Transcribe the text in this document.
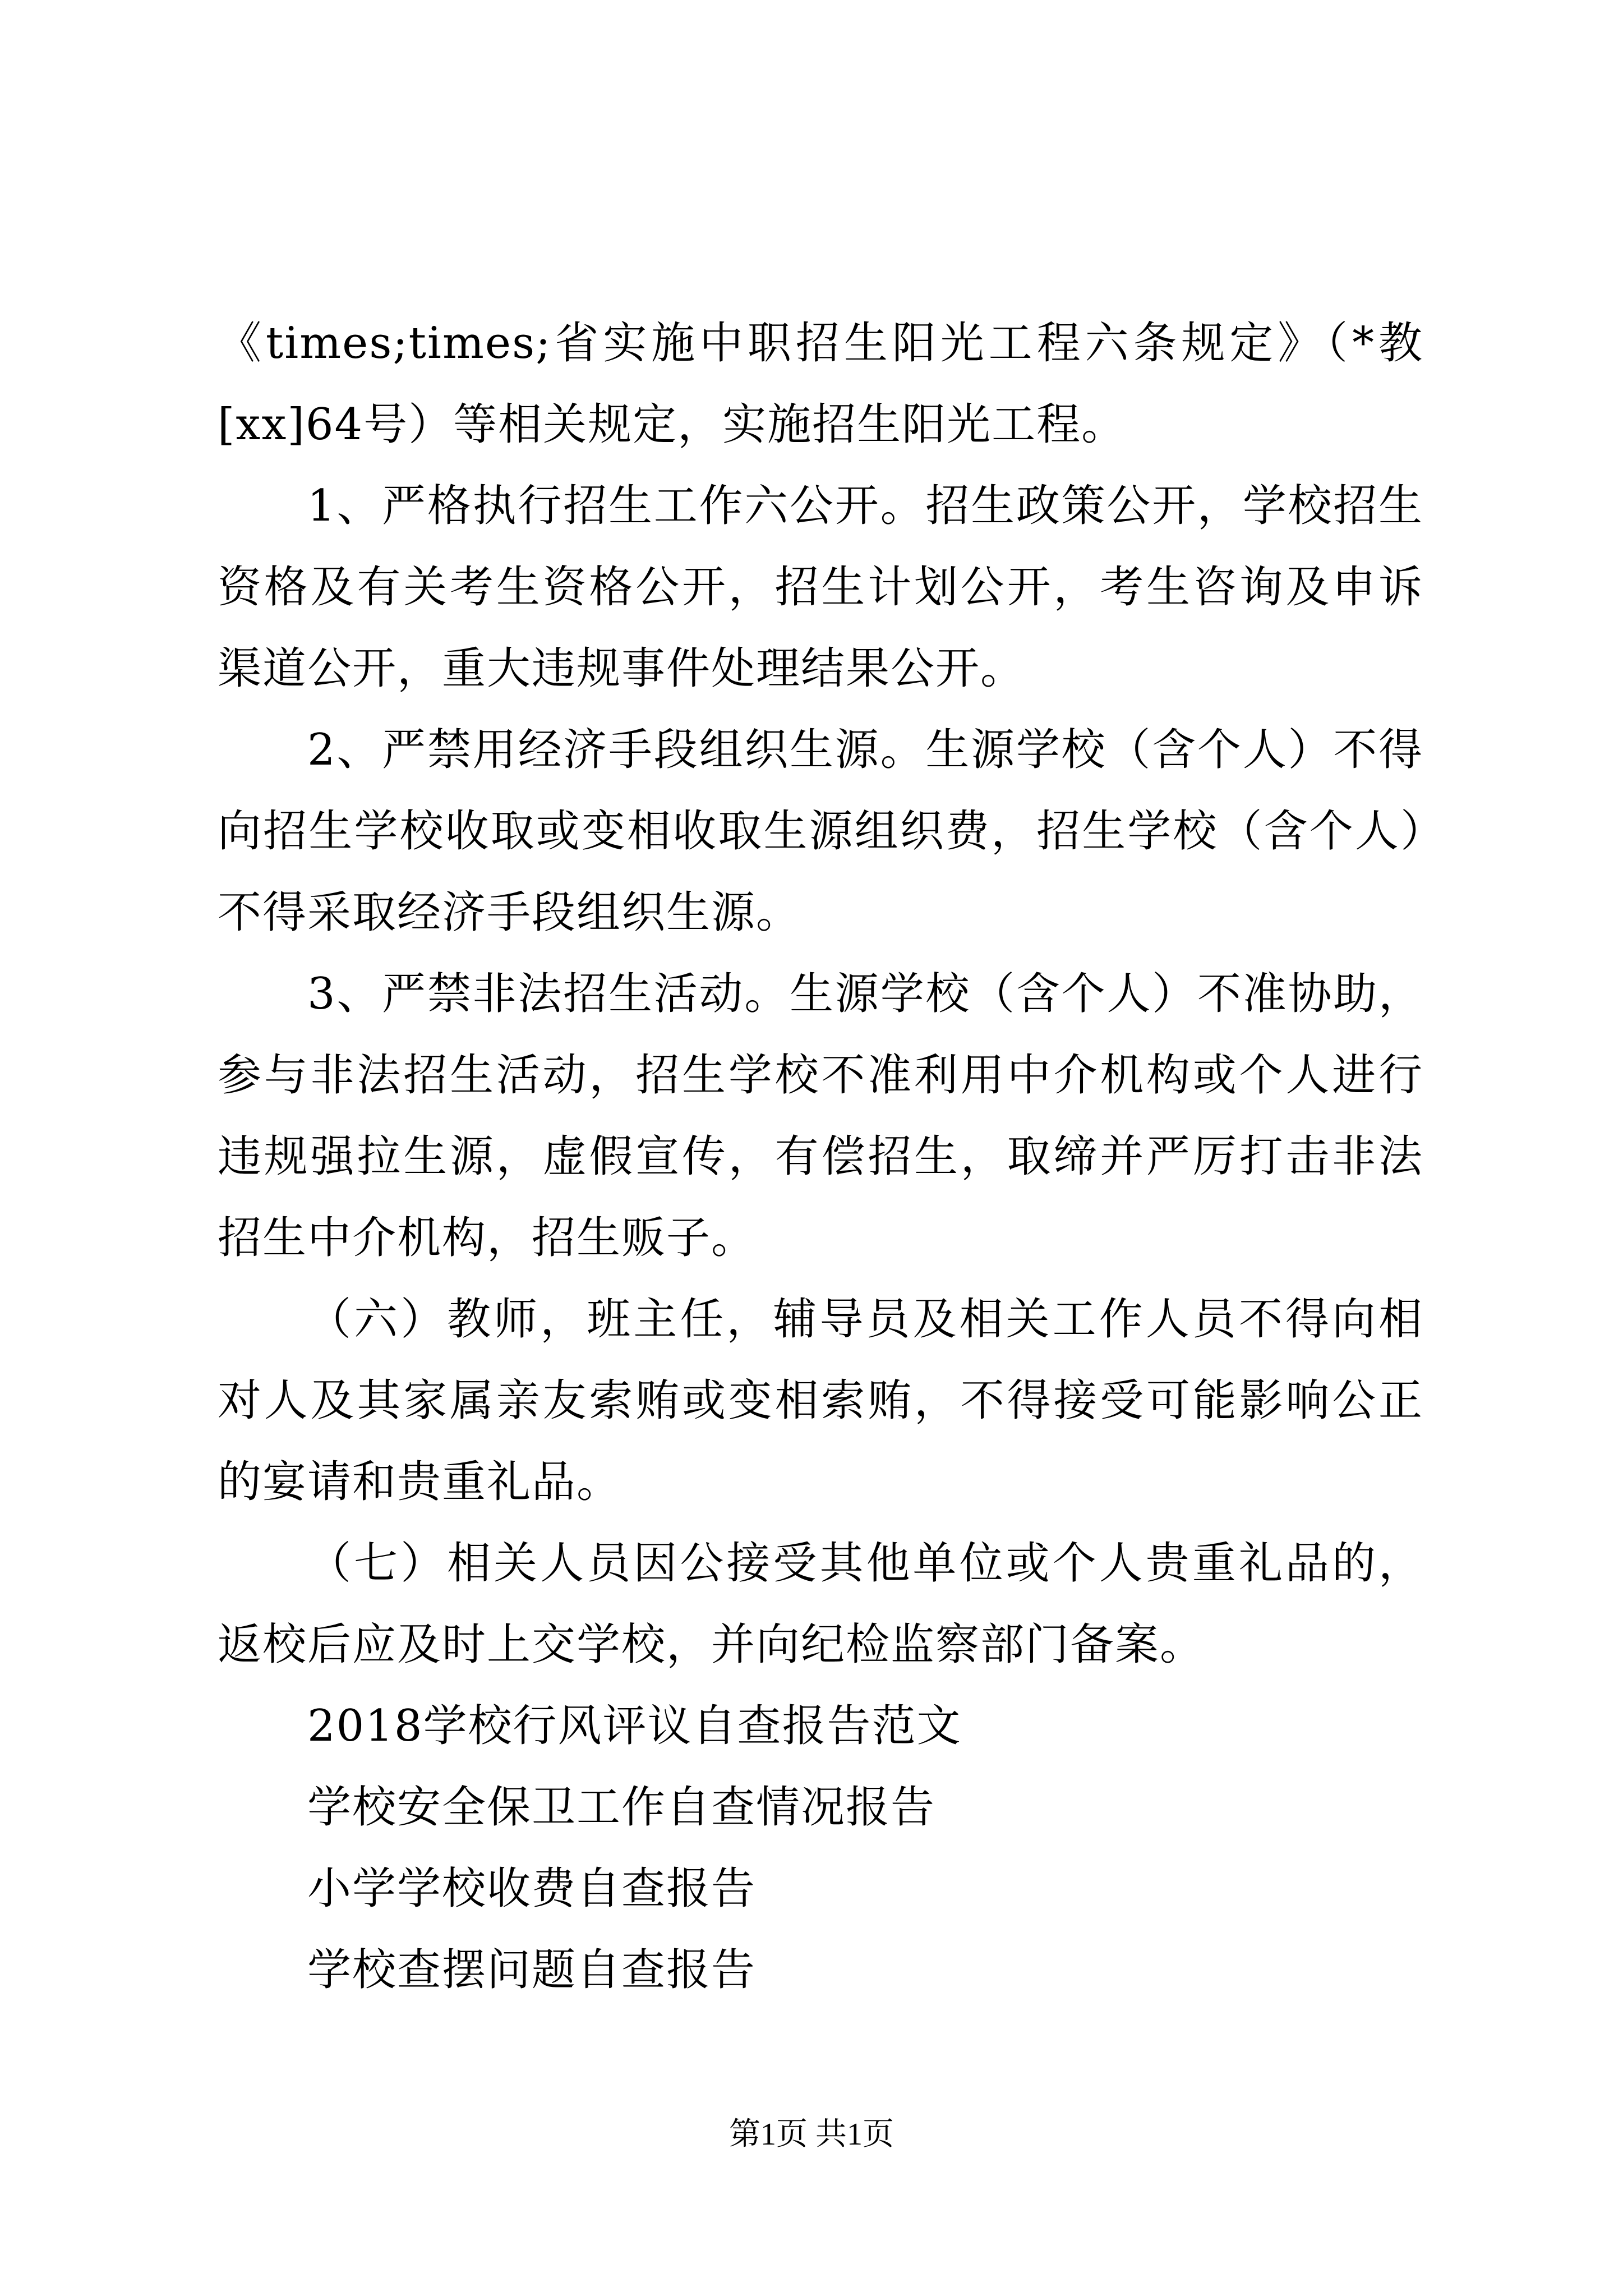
《times;times;省实施中职招生阳光工程六条规定》（*教[xx]64号）等相关规定，实施招生阳光工程。

1、严格执行招生工作六公开。招生政策公开，学校招生资格及有关考生资格公开，招生计划公开，考生咨询及申诉渠道公开，重大违规事件处理结果公开。

2、严禁用经济手段组织生源。生源学校（含个人）不得向招生学校收取或变相收取生源组织费，招生学校（含个人）不得采取经济手段组织生源。

3、严禁非法招生活动。生源学校（含个人）不准协助，参与非法招生活动，招生学校不准利用中介机构或个人进行违规强拉生源，虚假宣传，有偿招生，取缔并严厉打击非法招生中介机构，招生贩子。

（六）教师，班主任，辅导员及相关工作人员不得向相对人及其家属亲友索贿或变相索贿，不得接受可能影响公正的宴请和贵重礼品。

（七）相关人员因公接受其他单位或个人贵重礼品的，返校后应及时上交学校，并向纪检监察部门备案。

2018学校行风评议自查报告范文
学校安全保卫工作自查情况报告
小学学校收费自查报告
学校查摆问题自查报告
第1页 共1页
